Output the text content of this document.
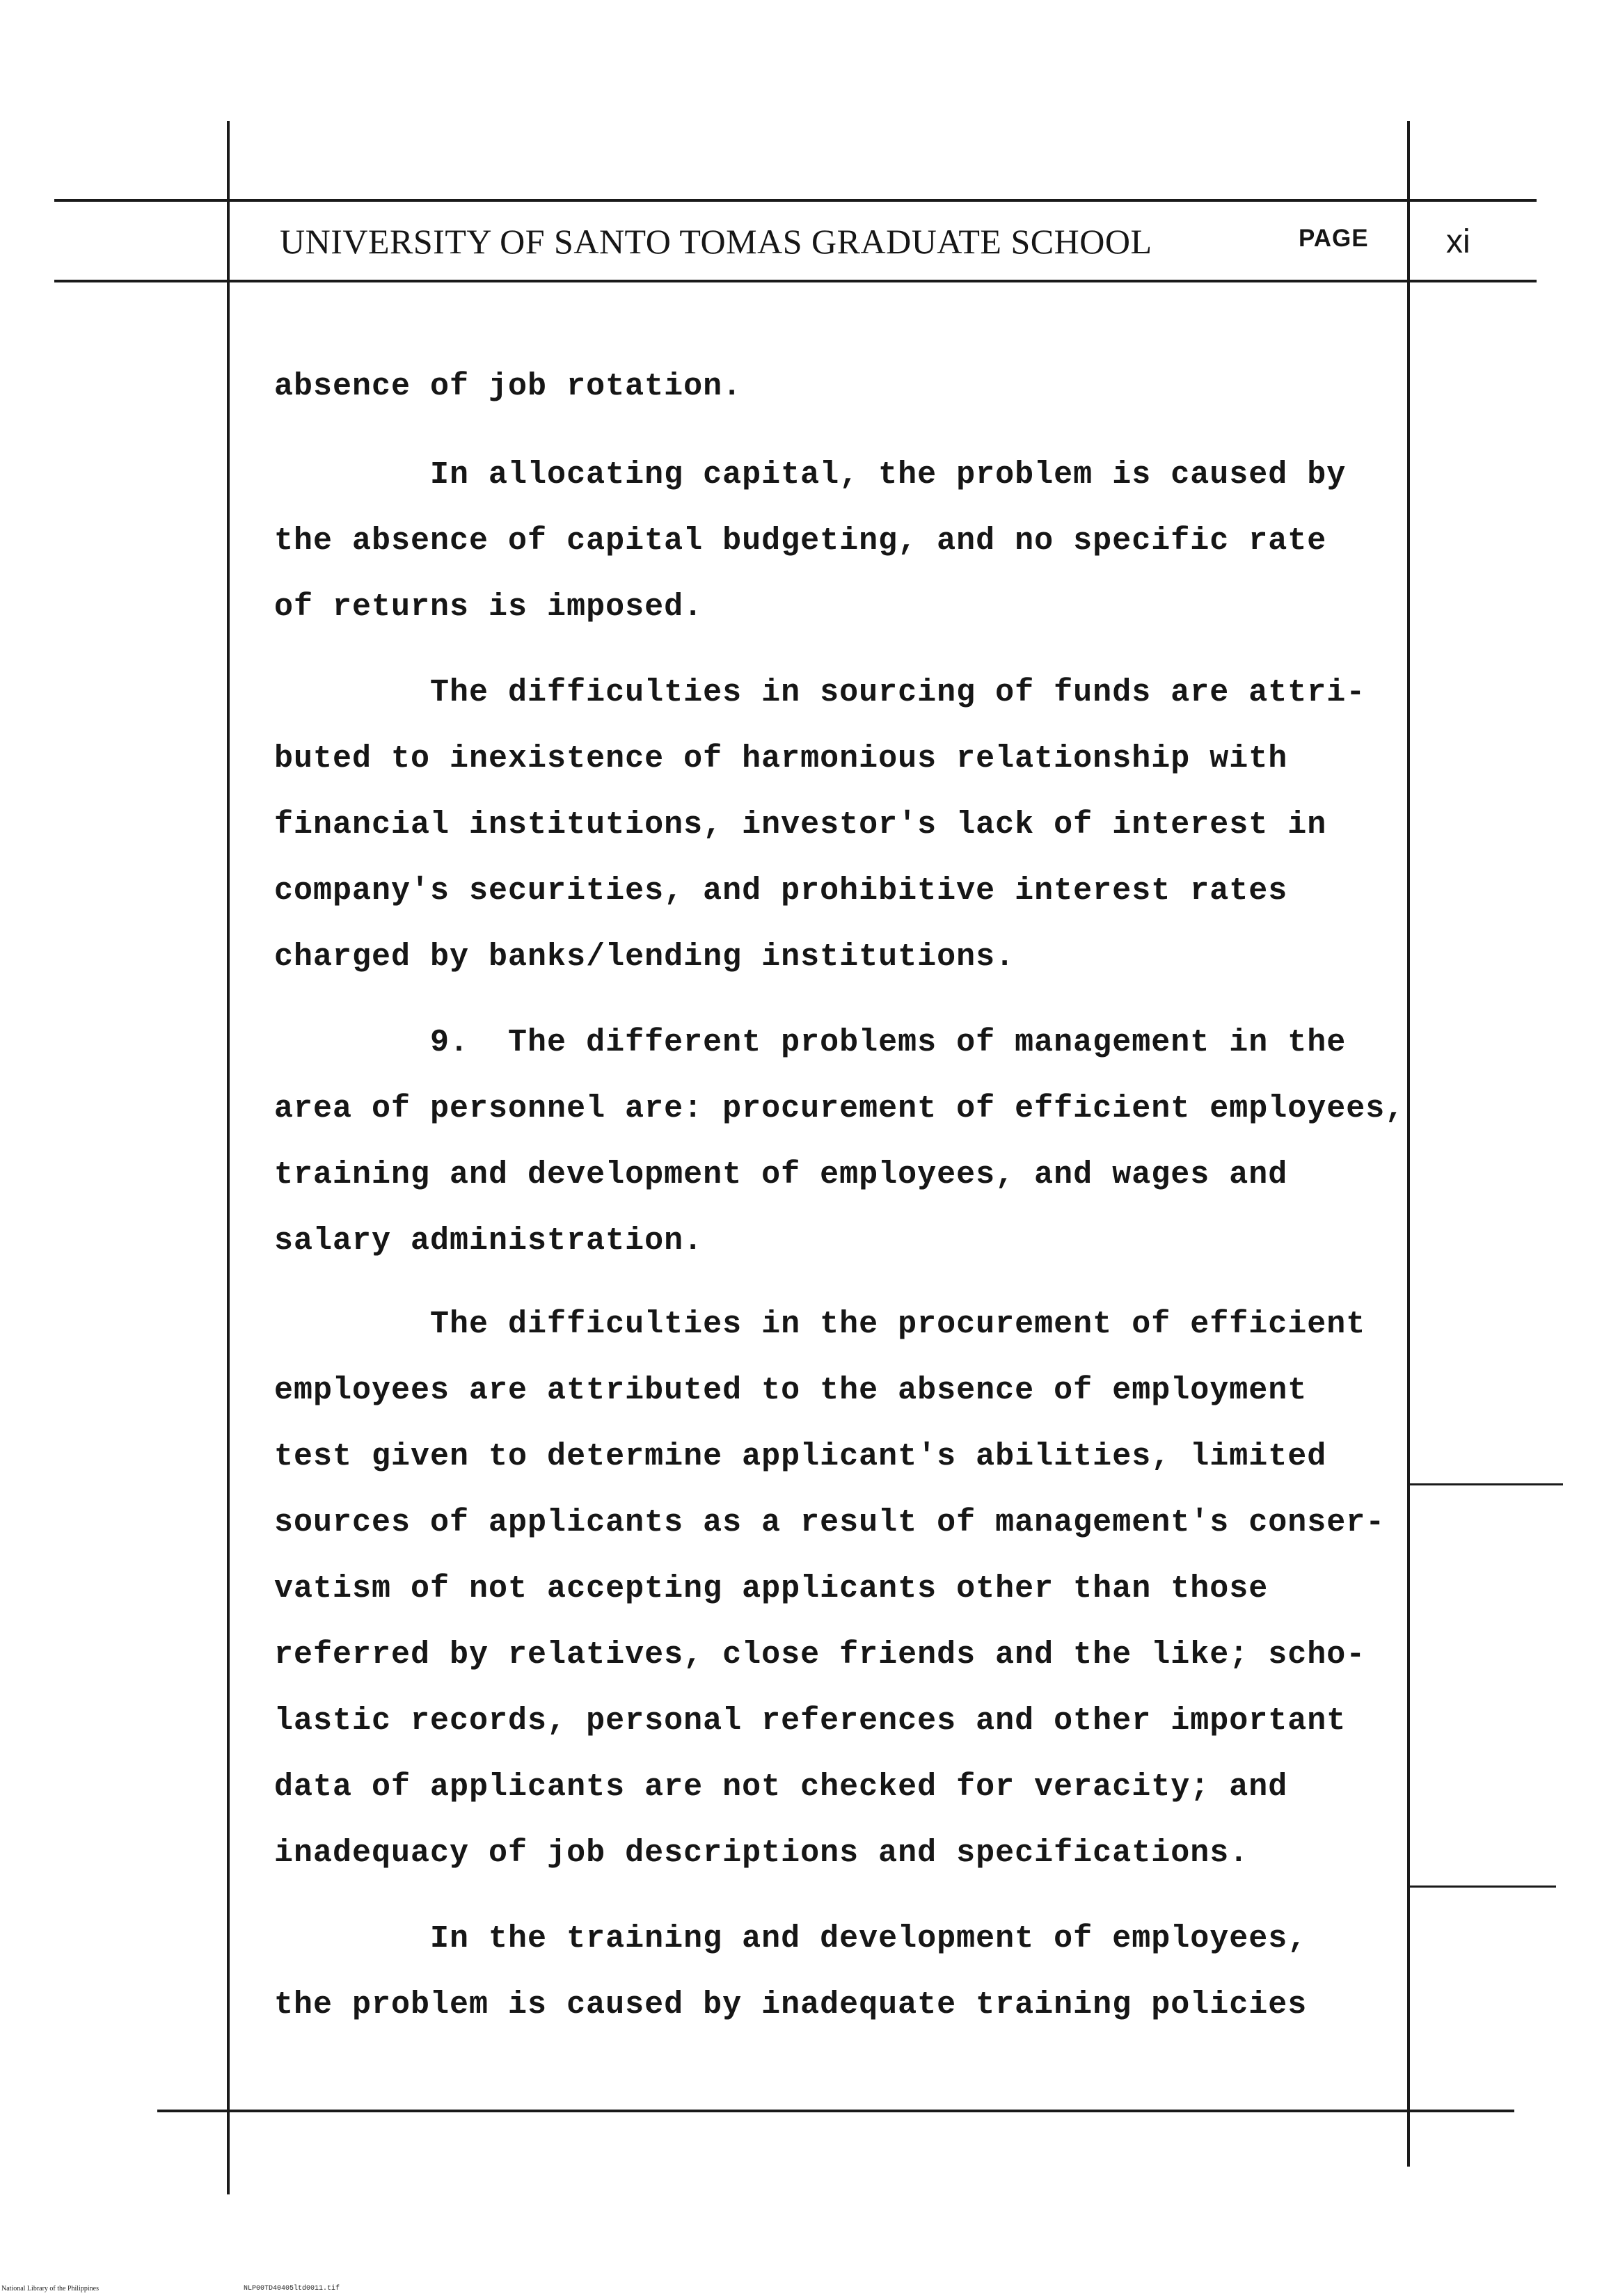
UNIVERSITY OF SANTO TOMAS GRADUATE SCHOOL	PAGE xi
absence of job rotation.
In allocating capital, the problem is caused by
the absence of capital budgeting, and no specific rate
of returns is imposed.
The difficulties in sourcing of funds are attri-
buted to inexistence of harmonious relationship with
financial institutions, investor's lack of interest in
company's securities, and prohibitive interest rates
charged by banks/lending institutions.
9.  The different problems of management in the
area of personnel are: procurement of efficient employees,
training and development of employees, and wages and
salary administration.
The difficulties in the procurement of efficient
employees are attributed to the absence of employment
test given to determine applicant's abilities, limited
sources of applicants as a result of management's conser-
vatism of not accepting applicants other than those
referred by relatives, close friends and the like; scho-
lastic records, personal references and other important
data of applicants are not checked for veracity; and
inadequacy of job descriptions and specifications.
In the training and development of employees,
the problem is caused by inadequate training policies
National Library of the Philippines	NLP00TD40405ltd0011.tif
